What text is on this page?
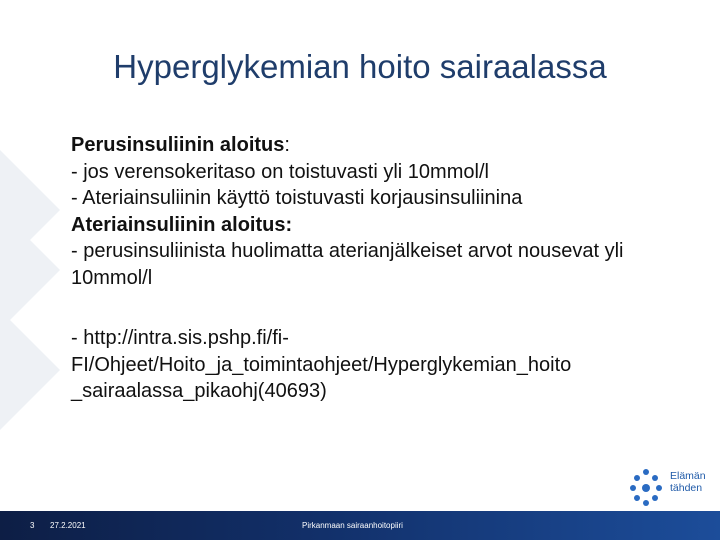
Hyperglykemian hoito sairaalassa

Perusinsuliinin aloitus:

- jos verensokeritaso on toistuvasti yli 10mmol/l

- Ateriainsuliinin käyttö toistuvasti korjausinsuliinina

Ateriainsuliinin aloitus:

- perusinsuliinista huolimatta aterianjälkeiset arvot nousevat yli 10mmol/l

- http://intra.sis.pshp.fi/fi-
FI/Ohjeet/Hoito_ja_toimintaohjeet/Hyperglykemian_hoito
_sairaalassa_pikaohj(40693)

Elämän
tähden
3 27.2.2021	Pirkanmaan sairaanhoitopiiri
